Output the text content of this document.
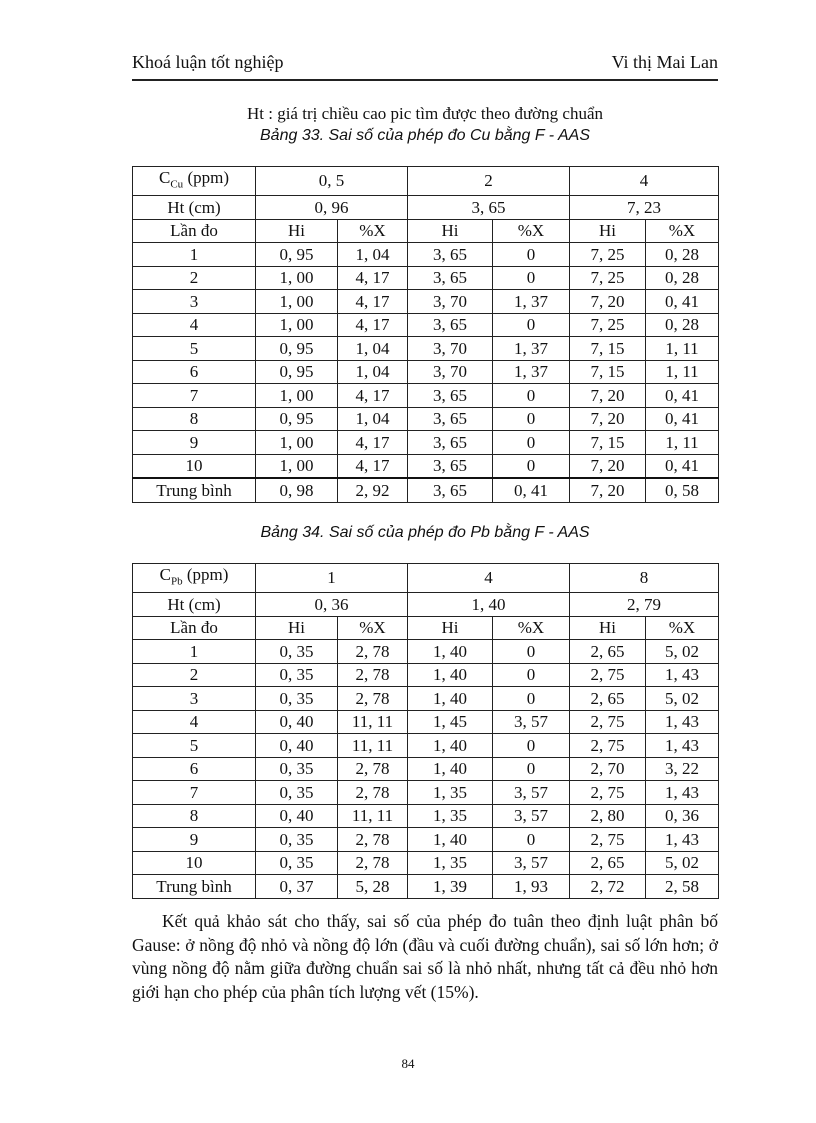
Khoá luận tốt nghiệp	Vi thị Mai Lan
Ht : giá trị chiều cao pic tìm được theo đường chuẩn
Bảng 33. Sai số của phép đo Cu bằng F - AAS
$C_{Cu}$ (ppm)	0, 5		2		4	
Ht (cm)	0, 96		3, 65		7, 23	
Lần đo	Hi	%X	Hi	%X	Hi	%X
1	0, 95	1, 04	3, 65	0	7, 25	0, 28
2	1, 00	4, 17	3, 65	0	7, 25	0, 28
3	1, 00	4, 17	3, 70	1, 37	7, 20	0, 41
4	1, 00	4, 17	3, 65	0	7, 25	0, 28
5	0, 95	1, 04	3, 70	1, 37	7, 15	1, 11
6	0, 95	1, 04	3, 70	1, 37	7, 15	1, 11
7	1, 00	4, 17	3, 65	0	7, 20	0, 41
8	0, 95	1, 04	3, 65	0	7, 20	0, 41
9	1, 00	4, 17	3, 65	0	7, 15	1, 11
10	1, 00	4, 17	3, 65	0	7, 20	0, 41
Trung bình	0, 98	2, 92	3, 65	0, 41	7, 20	0, 58
Bảng 34. Sai số của phép đo Pb bằng F - AAS
$C_{Pb}$ (ppm)	1		4		8	
Ht (cm)	0, 36		1, 40		2, 79	
Lần đo	Hi	%X	Hi	%X	Hi	%X
1	0, 35	2, 78	1, 40	0	2, 65	5, 02
2	0, 35	2, 78	1, 40	0	2, 75	1, 43
3	0, 35	2, 78	1, 40	0	2, 65	5, 02
4	0, 40	11, 11	1, 45	3, 57	2, 75	1, 43
5	0, 40	11, 11	1, 40	0	2, 75	1, 43
6	0, 35	2, 78	1, 40	0	2, 70	3, 22
7	0, 35	2, 78	1, 35	3, 57	2, 75	1, 43
8	0, 40	11, 11	1, 35	3, 57	2, 80	0, 36
9	0, 35	2, 78	1, 40	0	2, 75	1, 43
10	0, 35	2, 78	1, 35	3, 57	2, 65	5, 02
Trung bình	0, 37	5, 28	1, 39	1, 93	2, 72	2, 58

Kết quả khảo sát cho thấy, sai số của phép đo tuân theo định luật phân bố Gause: ở nồng độ nhỏ và nồng độ lớn (đầu và cuối đường chuẩn), sai số lớn hơn; ở vùng nồng độ nằm giữa đường chuẩn sai số là nhỏ nhất, nhưng tất cả đều nhỏ hơn giới hạn cho phép của phân tích lượng vết (15%).

84
